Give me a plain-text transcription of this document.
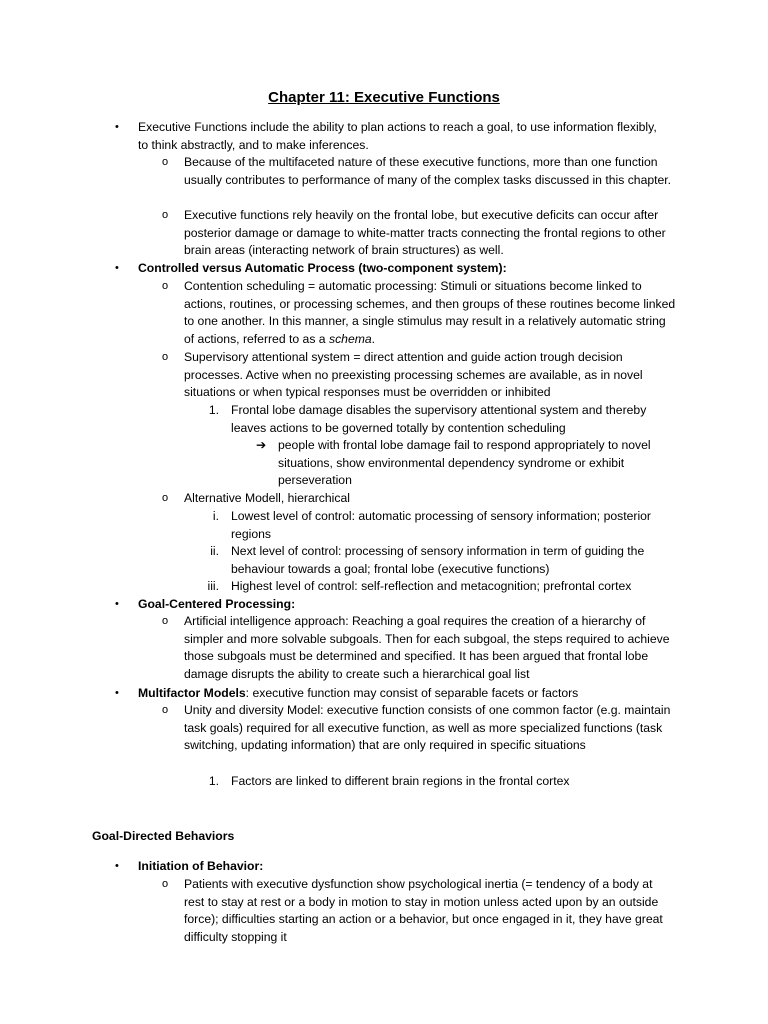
Chapter 11: Executive Functions
• Executive Functions include the ability to plan actions to reach a goal, to use information flexibly, to think abstractly, and to make inferences.
o Because of the multifaceted nature of these executive functions, more than one function usually contributes to performance of many of the complex tasks discussed in this chapter.
o Executive functions rely heavily on the frontal lobe, but executive deficits can occur after posterior damage or damage to white-matter tracts connecting the frontal regions to other brain areas (interacting network of brain structures) as well.
• Controlled versus Automatic Process (two-component system):
o Contention scheduling = automatic processing: Stimuli or situations become linked to actions, routines, or processing schemes, and then groups of these routines become linked to one another. In this manner, a single stimulus may result in a relatively automatic string of actions, referred to as a schema.
o Supervisory attentional system = direct attention and guide action trough decision processes. Active when no preexisting processing schemes are available, as in novel situations or when typical responses must be overridden or inhibited
1. Frontal lobe damage disables the supervisory attentional system and thereby leaves actions to be governed totally by contention scheduling
➔ people with frontal lobe damage fail to respond appropriately to novel situations, show environmental dependency syndrome or exhibit perseveration
o Alternative Modell, hierarchical
i. Lowest level of control: automatic processing of sensory information; posterior regions
ii. Next level of control: processing of sensory information in term of guiding the behaviour towards a goal; frontal lobe (executive functions)
iii. Highest level of control: self-reflection and metacognition; prefrontal cortex
• Goal-Centered Processing:
o Artificial intelligence approach: Reaching a goal requires the creation of a hierarchy of simpler and more solvable subgoals. Then for each subgoal, the steps required to achieve those subgoals must be determined and specified. It has been argued that frontal lobe damage disrupts the ability to create such a hierarchical goal list
• Multifactor Models: executive function may consist of separable facets or factors
o Unity and diversity Model: executive function consists of one common factor (e.g. maintain task goals) required for all executive function, as well as more specialized functions (task switching, updating information) that are only required in specific situations
1. Factors are linked to different brain regions in the frontal cortex
Goal-Directed Behaviors
• Initiation of Behavior:
o Patients with executive dysfunction show psychological inertia (= tendency of a body at rest to stay at rest or a body in motion to stay in motion unless acted upon by an outside force); difficulties starting an action or a behavior, but once engaged in it, they have great difficulty stopping it
